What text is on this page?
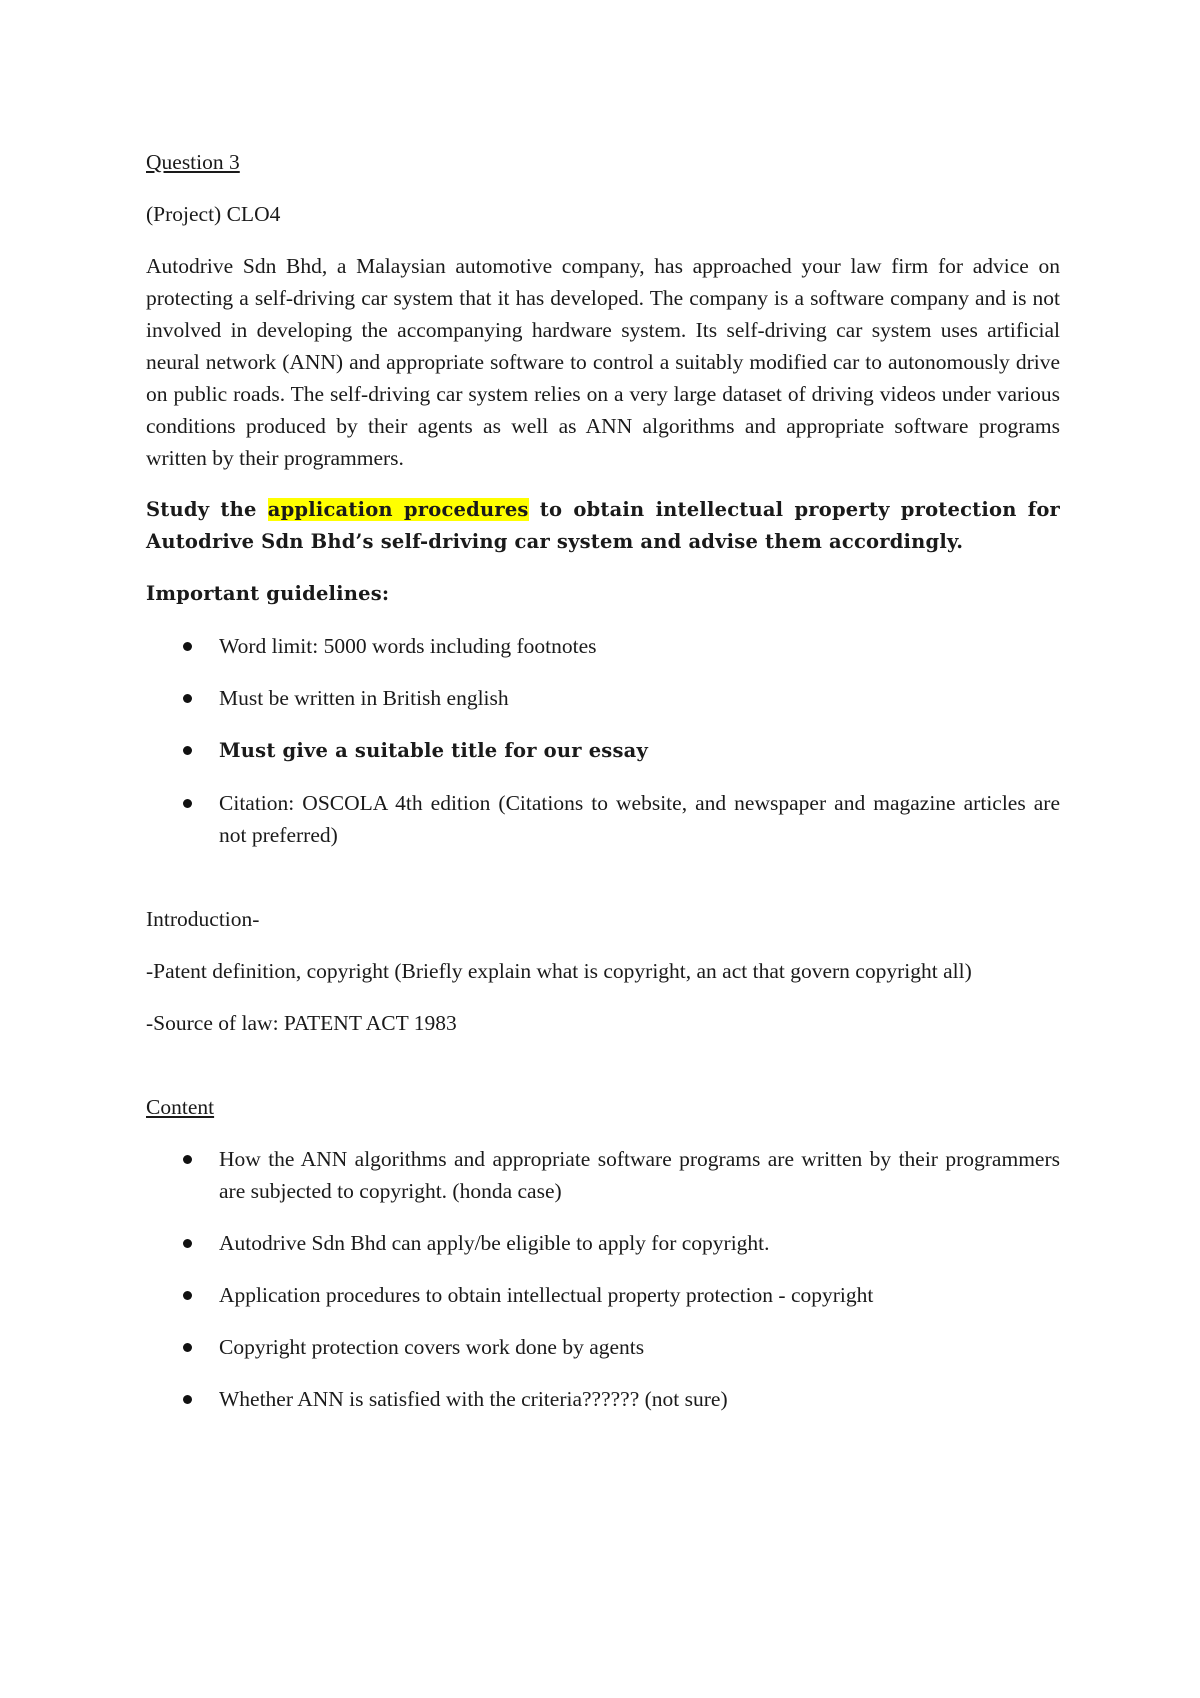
Question 3

(Project) CLO4

Autodrive Sdn Bhd, a Malaysian automotive company, has approached your law firm for advice on protecting a self-driving car system that it has developed. The company is a software company and is not involved in developing the accompanying hardware system. Its self-driving car system uses artificial neural network (ANN) and appropriate software to control a suitably modified car to autonomously drive on public roads. The self-driving car system relies on a very large dataset of driving videos under various conditions produced by their agents as well as ANN algorithms and appropriate software programs written by their programmers.

Study the application procedures to obtain intellectual property protection for Autodrive Sdn Bhd’s self-driving car system and advise them accordingly.

Important guidelines:

Word limit: 5000 words including footnotes
Must be written in British english
Must give a suitable title for our essay
Citation: OSCOLA 4th edition (Citations to website, and newspaper and magazine articles are not preferred)

Introduction-

-Patent definition, copyright (Briefly explain what is copyright, an act that govern copyright all)

-Source of law: PATENT ACT 1983

Content

How the ANN algorithms and appropriate software programs are written by their programmers are subjected to copyright. (honda case)
Autodrive Sdn Bhd can apply/be eligible to apply for copyright.
Application procedures to obtain intellectual property protection - copyright
Copyright protection covers work done by agents
Whether ANN is satisfied with the criteria?????? (not sure)
